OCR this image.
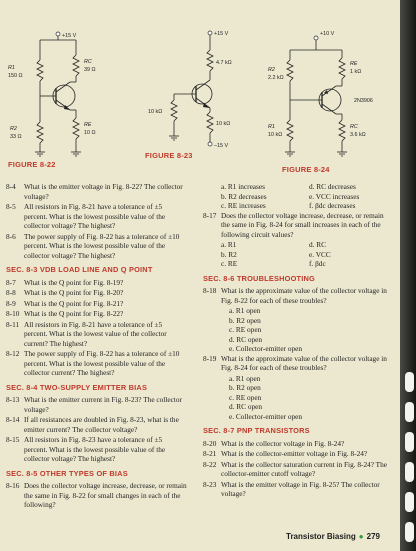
+15 V
R1
150 Ω
RC
39 Ω
R2
33 Ω
RE
10 Ω
+15 V
4.7 kΩ
10 kΩ
10 kΩ
–15 V
+10 V
R2
2.2 kΩ
RE
1 kΩ
2N3906
R1
10 kΩ
RC
3.6 kΩ
FIGURE 8-22
FIGURE 8-23
FIGURE 8-24
8-4 What is the emitter voltage in Fig. 8-22? The collector voltage?
8-5 All resistors in Fig. 8-21 have a tolerance of ±5 percent. What is the lowest possible value of the collector voltage? The highest?
8-6 The power supply of Fig. 8-22 has a tolerance of ±10 percent. What is the lowest possible value of the collector voltage? The highest?
SEC. 8-3 VDB LOAD LINE AND Q POINT
8-7 What is the Q point for Fig. 8-19?
8-8 What is the Q point for Fig. 8-20?
8-9 What is the Q point for Fig. 8-21?
8-10 What is the Q point for Fig. 8-22?
8-11 All resistors in Fig. 8-21 have a tolerance of ±5 percent. What is the lowest value of the collector current? The highest?
8-12 The power supply of Fig. 8-22 has a tolerance of ±10 percent. What is the lowest possible value of the collector current? The highest?
SEC. 8-4 TWO-SUPPLY EMITTER BIAS
8-13 What is the emitter current in Fig. 8-23? The collector voltage?
8-14 If all resistances are doubled in Fig. 8-23, what is the emitter current? The collector voltage?
8-15 All resistors in Fig. 8-23 have a tolerance of ±5 percent. What is the lowest possible value of the collector voltage? The highest?
SEC. 8-5 OTHER TYPES OF BIAS
8-16 Does the collector voltage increase, decrease, or remain the same in Fig. 8-22 for small changes in each of the following?
a. R1 increases	d. RC decreases
b. R2 decreases	e. VCC increases
c. RE increases	f. βdc decreases
8-17 Does the collector voltage increase, decrease, or remain the same in Fig. 8-24 for small increases in each of the following circuit values?
a. R1	d. RC
b. R2	e. VCC
c. RE	f. βdc
SEC. 8-6 TROUBLESHOOTING
8-18 What is the approximate value of the collector voltage in Fig. 8-22 for each of these troubles?
a. R1 open
b. R2 open
c. RE open
d. RC open
e. Collector-emitter open
8-19 What is the approximate value of the collector voltage in Fig. 8-24 for each of these troubles?
a. R1 open
b. R2 open
c. RE open
d. RC open
e. Collector-emitter open
SEC. 8-7 PNP TRANSISTORS
8-20 What is the collector voltage in Fig. 8-24?
8-21 What is the collector-emitter voltage in Fig. 8-24?
8-22 What is the collector saturation current in Fig. 8-24? The collector-emitter cutoff voltage?
8-23 What is the emitter voltage in Fig. 8-25? The collector voltage?
Transistor Biasing ● 279
